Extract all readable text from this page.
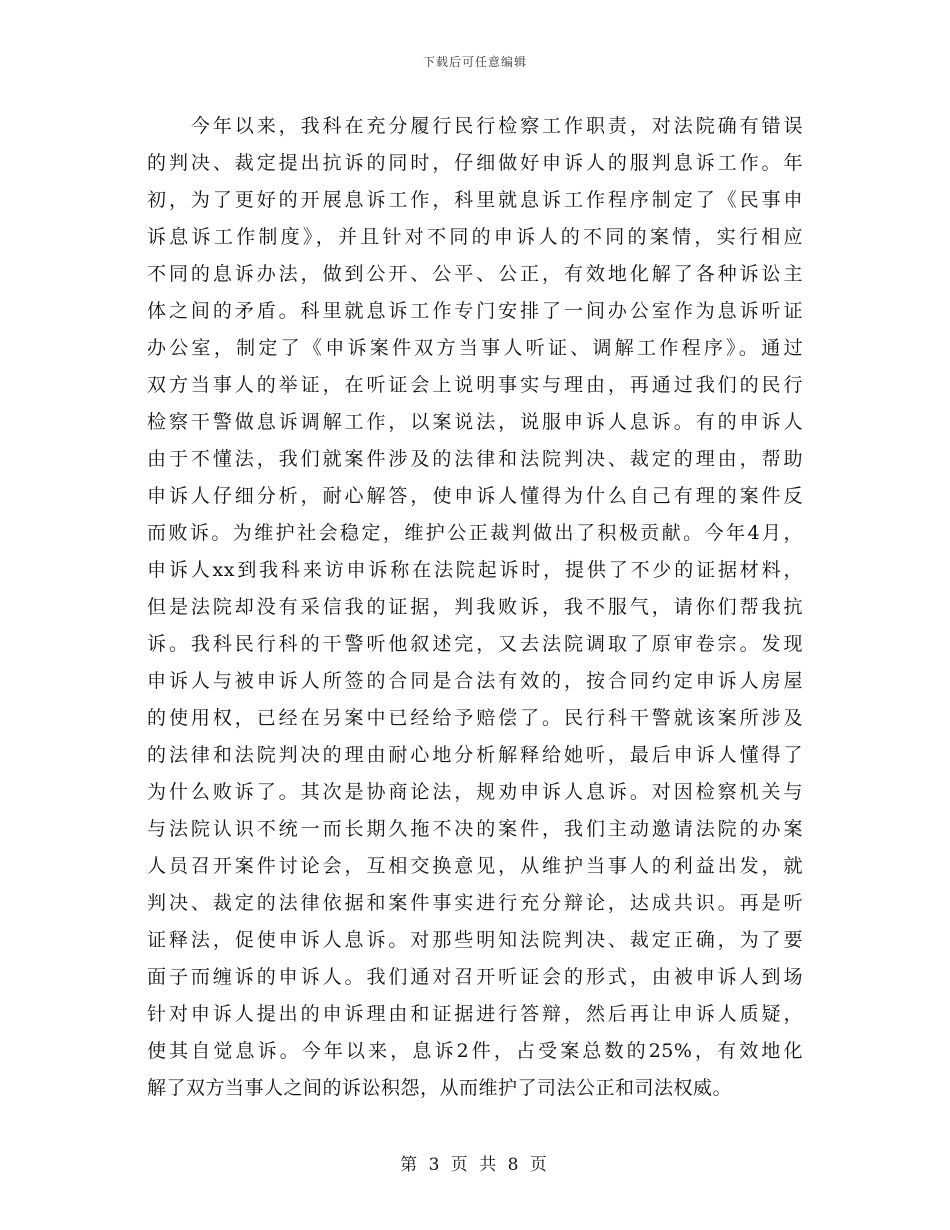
下载后可任意编辑
　　今年以来，我科在充分履行民行检察工作职责，对法院确有错误
的判决、裁定提出抗诉的同时，仔细做好申诉人的服判息诉工作。年
初，为了更好的开展息诉工作，科里就息诉工作程序制定了《民事申
诉息诉工作制度》，并且针对不同的申诉人的不同的案情，实行相应
不同的息诉办法，做到公开、公平、公正，有效地化解了各种诉讼主
体之间的矛盾。科里就息诉工作专门安排了一间办公室作为息诉听证
办公室，制定了《申诉案件双方当事人听证、调解工作程序》。通过
双方当事人的举证，在听证会上说明事实与理由，再通过我们的民行
检察干警做息诉调解工作，以案说法，说服申诉人息诉。有的申诉人
由于不懂法，我们就案件涉及的法律和法院判决、裁定的理由，帮助
申诉人仔细分析，耐心解答，使申诉人懂得为什么自己有理的案件反
而败诉。为维护社会稳定，维护公正裁判做出了积极贡献。今年4月，
申诉人xx到我科来访申诉称在法院起诉时，提供了不少的证据材料，
但是法院却没有采信我的证据，判我败诉，我不服气，请你们帮我抗
诉。我科民行科的干警听他叙述完，又去法院调取了原审卷宗。发现
申诉人与被申诉人所签的合同是合法有效的，按合同约定申诉人房屋
的使用权，已经在另案中已经给予赔偿了。民行科干警就该案所涉及
的法律和法院判决的理由耐心地分析解释给她听，最后申诉人懂得了
为什么败诉了。其次是协商论法，规劝申诉人息诉。对因检察机关与
与法院认识不统一而长期久拖不决的案件，我们主动邀请法院的办案
人员召开案件讨论会，互相交换意见，从维护当事人的利益出发，就
判决、裁定的法律依据和案件事实进行充分辩论，达成共识。再是听
证释法，促使申诉人息诉。对那些明知法院判决、裁定正确，为了要
面子而缠诉的申诉人。我们通对召开听证会的形式，由被申诉人到场
针对申诉人提出的申诉理由和证据进行答辩，然后再让申诉人质疑，
使其自觉息诉。今年以来，息诉2件，占受案总数的25%，有效地化
解了双方当事人之间的诉讼积怨，从而维护了司法公正和司法权威。
第 3 页 共 8 页
